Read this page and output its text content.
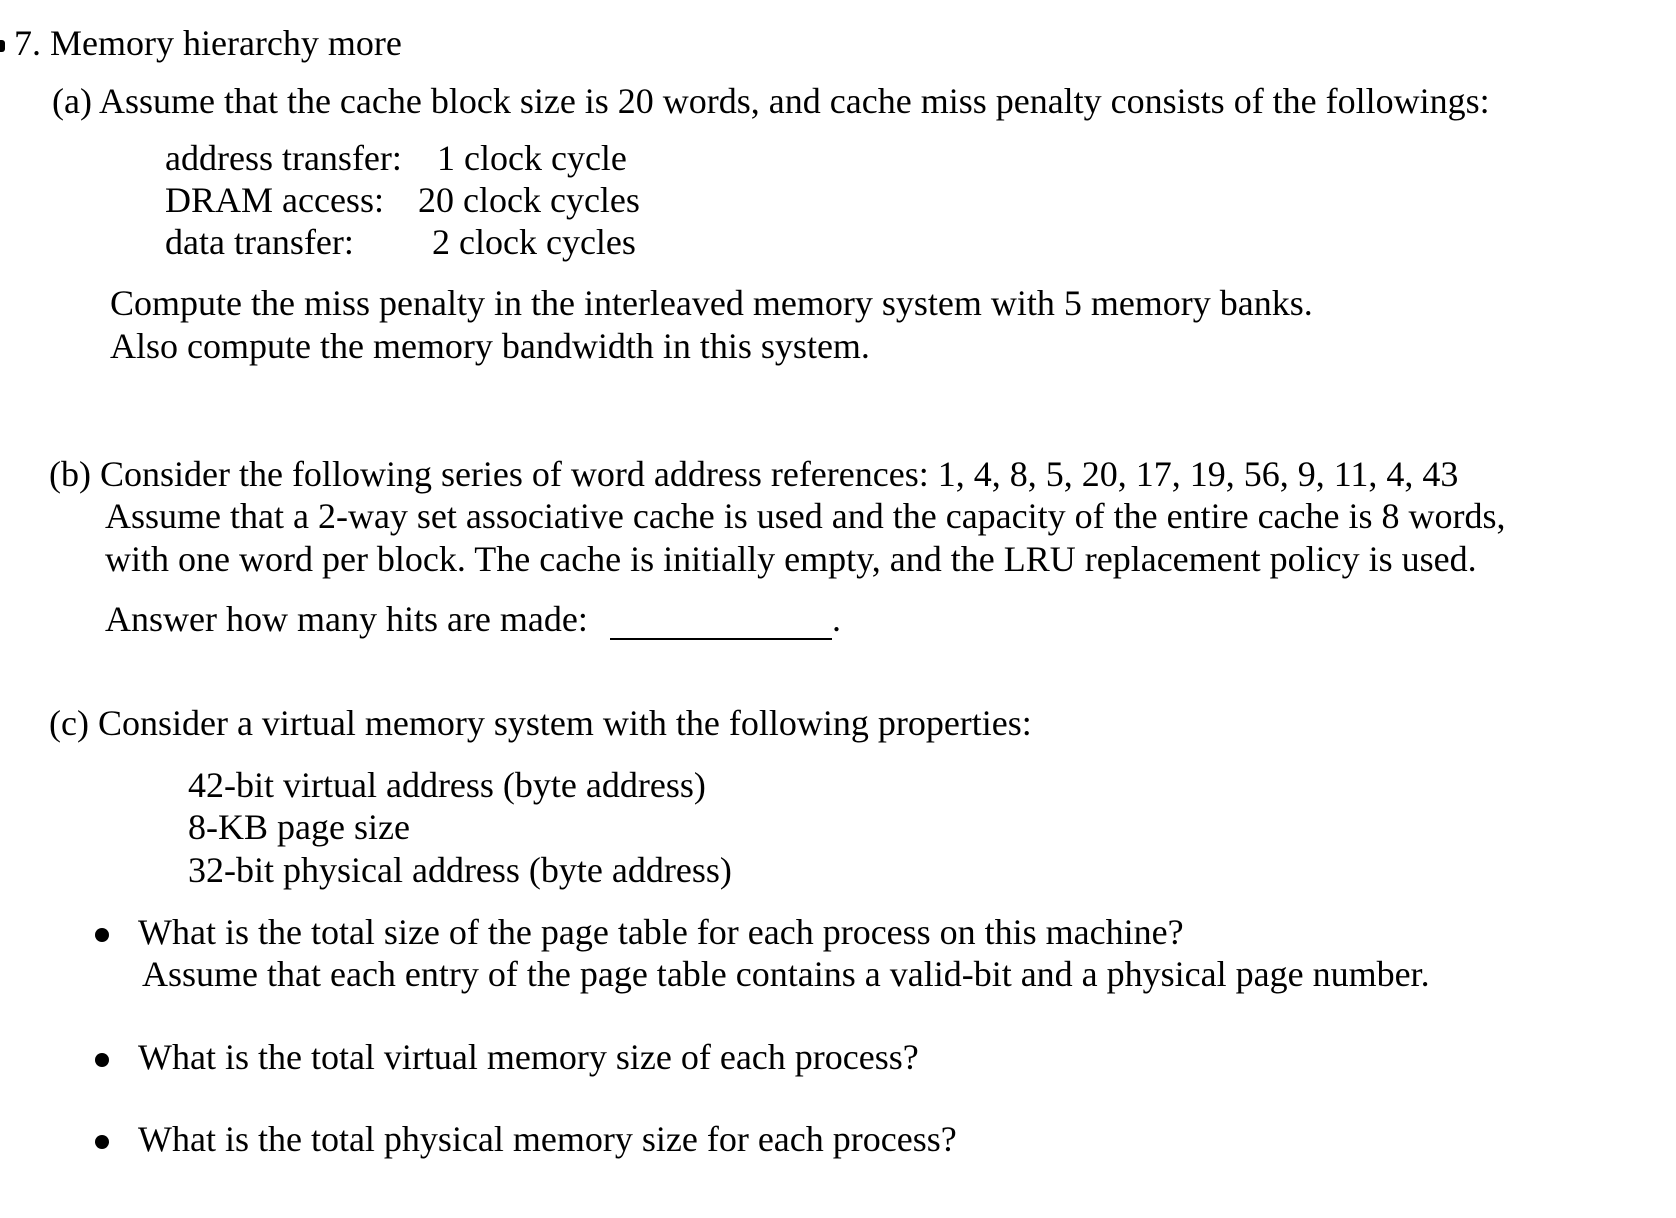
7. Memory hierarchy more
(a) Assume that the cache block size is 20 words, and cache miss penalty consists of the followings:
address transfer: 1 clock cycle
DRAM access: 20 clock cycles
data transfer: 2 clock cycles
Compute the miss penalty in the interleaved memory system with 5 memory banks.
Also compute the memory bandwidth in this system.
(b) Consider the following series of word address references: 1, 4, 8, 5, 20, 17, 19, 56, 9, 11, 4, 43
Assume that a 2-way set associative cache is used and the capacity of the entire cache is 8 words,
with one word per block. The cache is initially empty, and the LRU replacement policy is used.
Answer how many hits are made:	.
(c) Consider a virtual memory system with the following properties:
42-bit virtual address (byte address)
8-KB page size
32-bit physical address (byte address)
What is the total size of the page table for each process on this machine?
Assume that each entry of the page table contains a valid-bit and a physical page number.
What is the total virtual memory size of each process?
What is the total physical memory size for each process?
